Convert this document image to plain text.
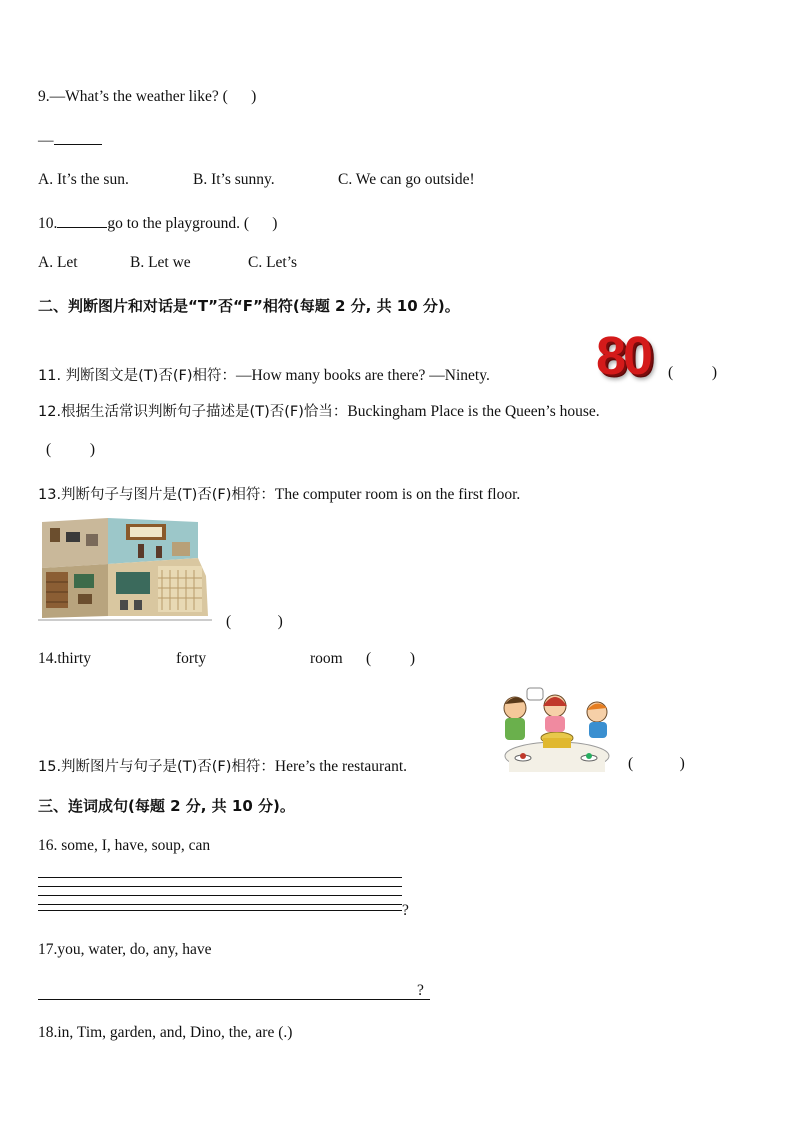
9.—What’s the weather like? ( )
—
A. It’s the sun.	B. It’s sunny.	C. We can go outside!
10.	go to the playground. ( )
A. Let	B. Let we	C. Let’s
二、判断图片和对话是“T”否“F”相符(每题 2 分, 共 10 分)。
11. 判断图文是(T)否(F)相符：—How many books are there? —Ninety. 80	(          )
12.根据生活常识判断句子描述是(T)否(F)恰当：Buckingham Place is the Queen’s house.
(          )
13.判断句子与图片是(T)否(F)相符：The computer room is on the first floor.
(            )
14.thirty	forty	room (          )
15.判断图片与句子是(T)否(F)相符：Here’s the restaurant.	(            )
三、连词成句(每题 2 分, 共 10 分)。
16. some, I, have, soup, can
?
17.you, water, do, any, have
?
18.in, Tim, garden, and, Dino, the, are (.)
